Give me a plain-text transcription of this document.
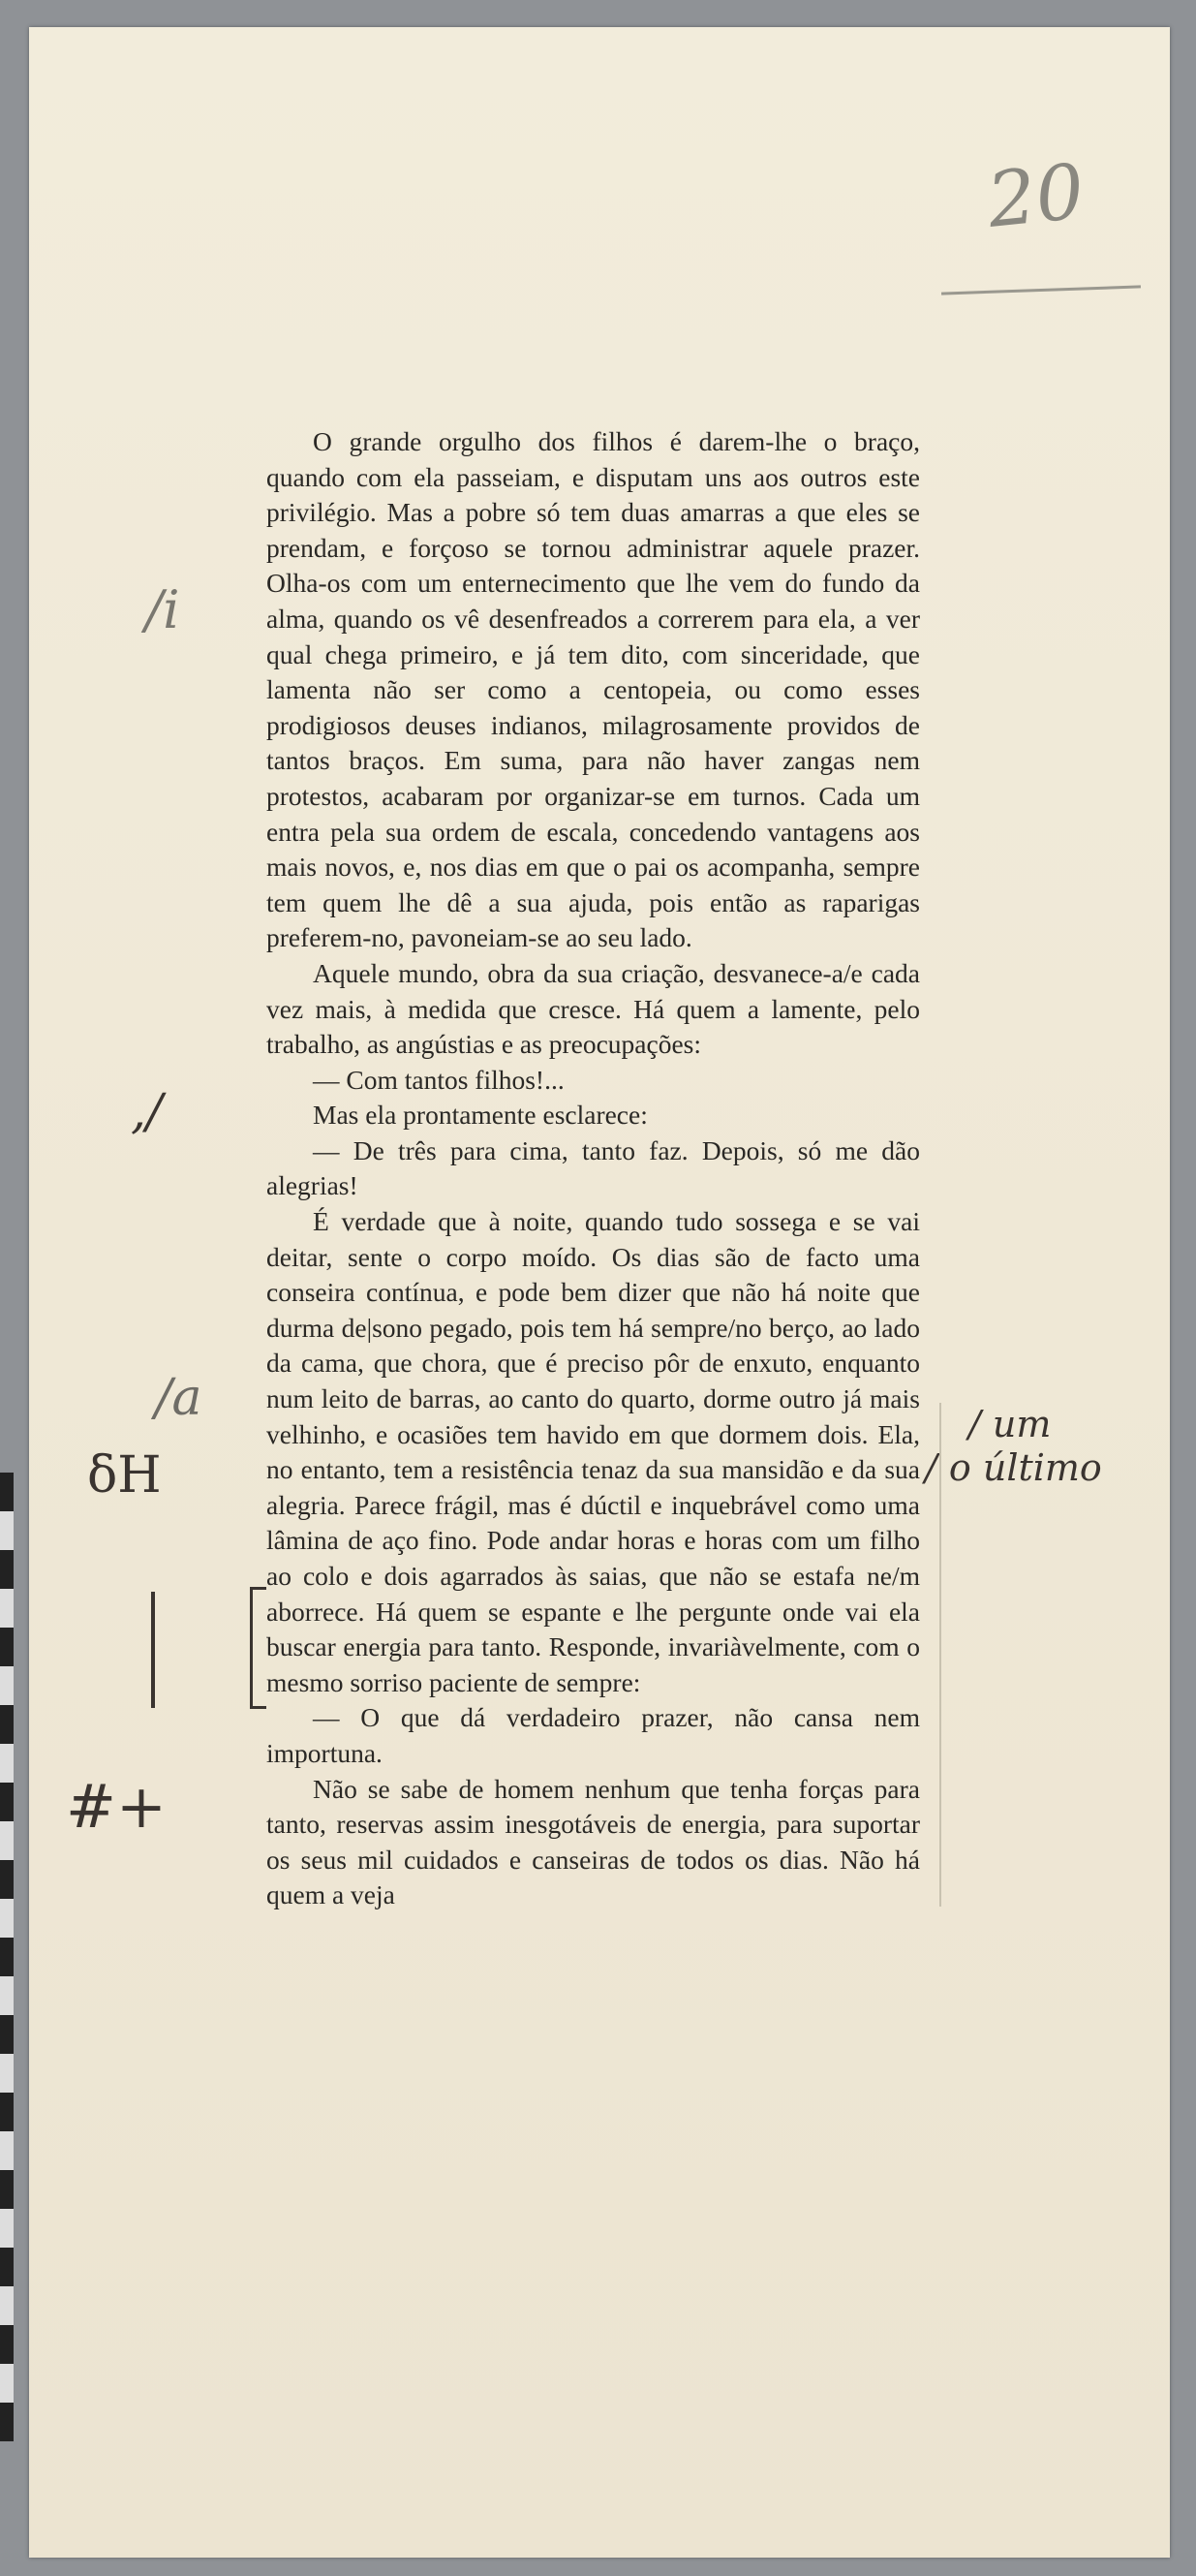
20

O grande orgulho dos filhos é darem-lhe o braço, quando com ela passeiam, e disputam uns aos outros este privilégio. Mas a pobre só tem duas amarras a que eles se prendam, e forçoso se tornou administrar aquele prazer. Olha-os com um enternecimento que lhe vem do fundo da alma, quando os vê desenfreados a correrem para ela, a ver qual chega primeiro, e já tem dito, com sinceridade, que lamenta não ser como a centopeia, ou como esses prodigiosos deuses indianos, milagrosamente providos de tantos braços. Em suma, para não haver zangas nem protestos, acabaram por organizar-se em turnos. Cada um entra pela sua ordem de escala, concedendo vantagens aos mais novos, e, nos dias em que o pai os acompanha, sempre tem quem lhe dê a sua ajuda, pois então as raparigas preferem-no, pavoneiam-se ao seu lado.

Aquele mundo, obra da sua criação, desvanece-a/e cada vez mais, à medida que cresce. Há quem a lamente, pelo trabalho, as angústias e as preocupações:

— Com tantos filhos!...

Mas ela prontamente esclarece:

— De três para cima, tanto faz. Depois, só me dão alegrias!

É verdade que à noite, quando tudo sossega e se vai deitar, sente o corpo moído. Os dias são de facto uma conseira contínua, e pode bem dizer que não há noite que durma de|sono pegado, pois tem há sempre/no berço, ao lado da cama, que chora, que é preciso pôr de enxuto, enquanto num leito de barras, ao canto do quarto, dorme outro já mais velhinho, e ocasiões tem havido em que dormem dois. Ela, no entanto, tem a resistência tenaz da sua mansidão e da sua alegria. Parece frágil, mas é dúctil e inquebrável como uma lâmina de aço fino. Pode andar horas e horas com um filho ao colo e dois agarrados às saias, que não se estafa ne/m aborrece. Há quem se espante e lhe pergunte onde vai ela buscar energia para tanto. Responde, invariàvelmente, com o mesmo sorriso paciente de sempre:

— O que dá verdadeiro prazer, não cansa nem importuna.

Não se sabe de homem nenhum que tenha forças para tanto, reservas assim inesgotáveis de energia, para suportar os seus mil cuidados e canseiras de todos os dias. Não há quem a veja

/i
,/
/a
δH
#+
/ um
/ o último
